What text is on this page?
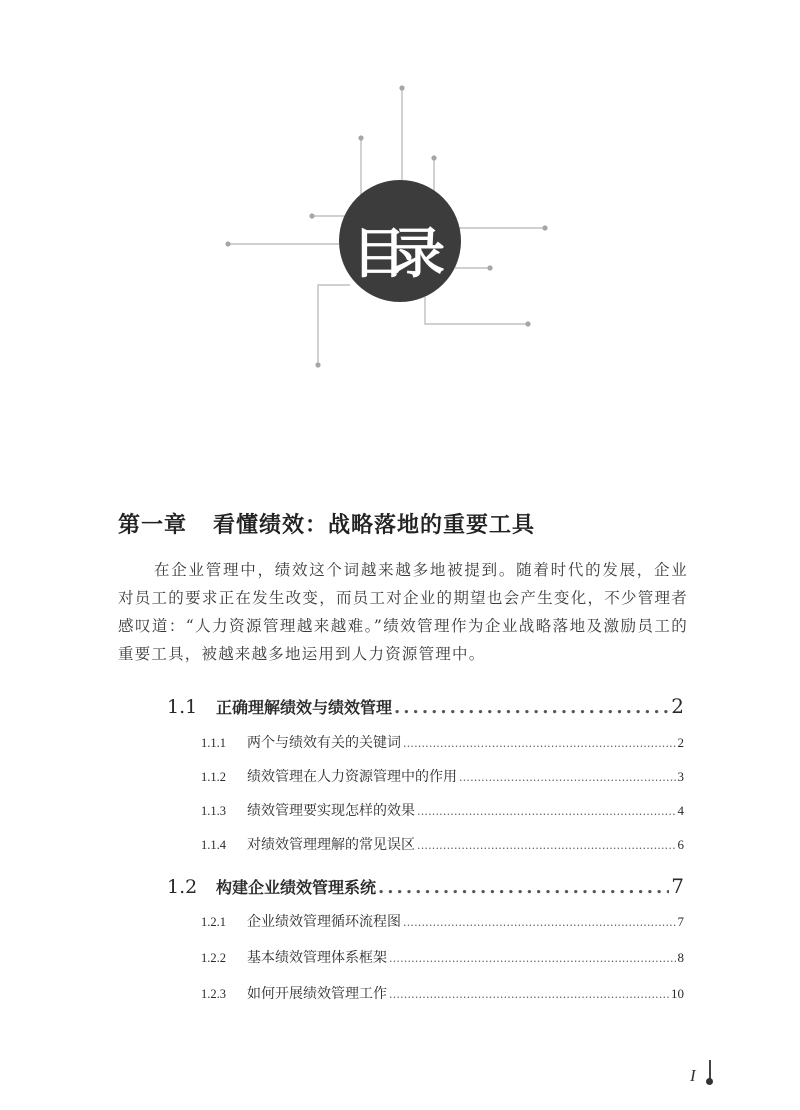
目
录
第一章 看懂绩效：战略落地的重要工具

在企业管理中，绩效这个词越来越多地被提到。随着时代的发展，企业对员工的要求正在发生改变，而员工对企业的期望也会产生变化，不少管理者感叹道：“人力资源管理越来越难。”绩效管理作为企业战略落地及激励员工的重要工具，被越来越多地运用到人力资源管理中。

1.1	正确理解绩效与绩效管理 .....	2
1.1.1	两个与绩效有关的关键词 .....	2
1.1.2	绩效管理在人力资源管理中的作用 .....	3
1.1.3	绩效管理要实现怎样的效果 .....	4
1.1.4	对绩效管理理解的常见误区 .....	6
1.2	构建企业绩效管理系统 .....	7
1.2.1	企业绩效管理循环流程图 .....	7
1.2.2	基本绩效管理体系框架 .....	8
1.2.3	如何开展绩效管理工作 .....	10
I
